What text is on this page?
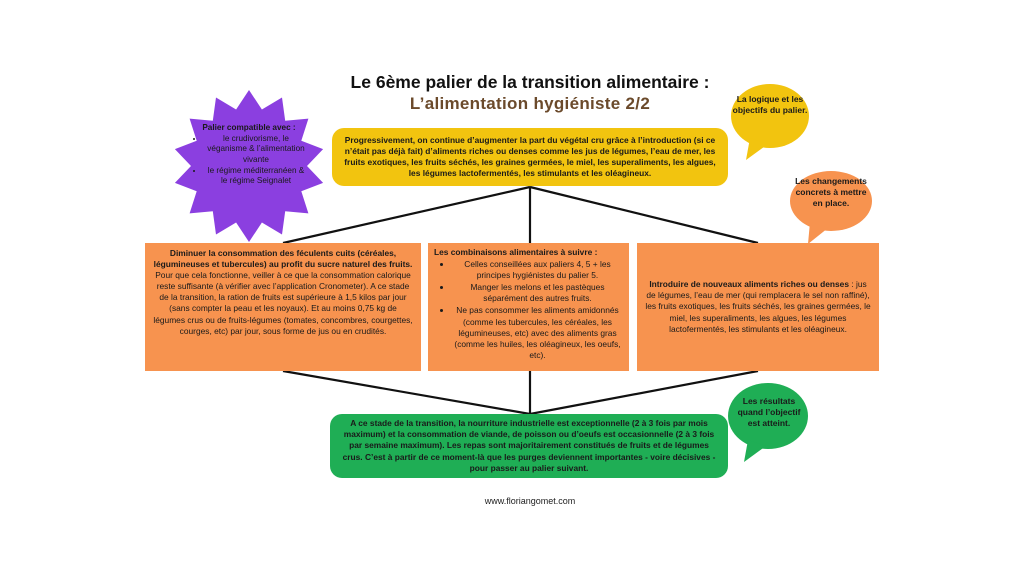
Le 6ème palier de la transition alimentaire :
L’alimentation hygiéniste 2/2
Palier compatible avec :
• le crudivorisme, le véganisme & l’alimentation vivante
• le régime méditerranéen & le régime Seignalet
Progressivement, on continue d’augmenter la part du végétal cru grâce à l’introduction (si ce n’était pas déjà fait) d’aliments riches ou denses comme les jus de légumes, l’eau de mer, les fruits exotiques, les fruits séchés, les graines germées, le miel, les superaliments, les algues, les légumes lactofermentés, les stimulants et les oléagineux.
La logique et les objectifs du palier.
Les changements concrets à mettre en place.
Diminuer la consommation des féculents cuits (céréales, légumineuses et tubercules) au profit du sucre naturel des fruits.
Pour que cela fonctionne, veiller à ce que la consommation calorique reste suffisante (à vérifier avec l’application Cronometer). A ce stade de la transition, la ration de fruits est supérieure à 1,5 kilos par jour (sans compter la peau et les noyaux). Et au moins 0,75 kg de légumes crus ou de fruits-légumes (tomates, concombres, courgettes, courges, etc) par jour, sous forme de jus ou en crudités.
Les combinaisons alimentaires à suivre :
• Celles conseillées aux paliers 4, 5 + les principes hygiénistes du palier 5.
• Manger les melons et les pastèques séparément des autres fruits.
• Ne pas consommer les aliments amidonnés (comme les tubercules, les céréales, les légumineuses, etc) avec des aliments gras (comme les huiles, les oléagineux, les oeufs, etc).
Introduire de nouveaux aliments riches ou denses : jus de légumes, l’eau de mer (qui remplacera le sel non raffiné), les fruits exotiques, les fruits séchés, les graines germées, le miel, les superaliments, les algues, les légumes lactofermentés, les stimulants et les oléagineux.
A ce stade de la transition, la nourriture industrielle est exceptionnelle (2 à 3 fois par mois maximum) et la consommation de viande, de poisson ou d’oeufs est occasionnelle (2 à 3 fois par semaine maximum). Les repas sont majoritairement constitués de fruits et de légumes crus. C’est à partir de ce moment-là que les purges deviennent importantes - voire décisives - pour passer au palier suivant.
Les résultats quand l’objectif est atteint.
www.floriangomet.com
